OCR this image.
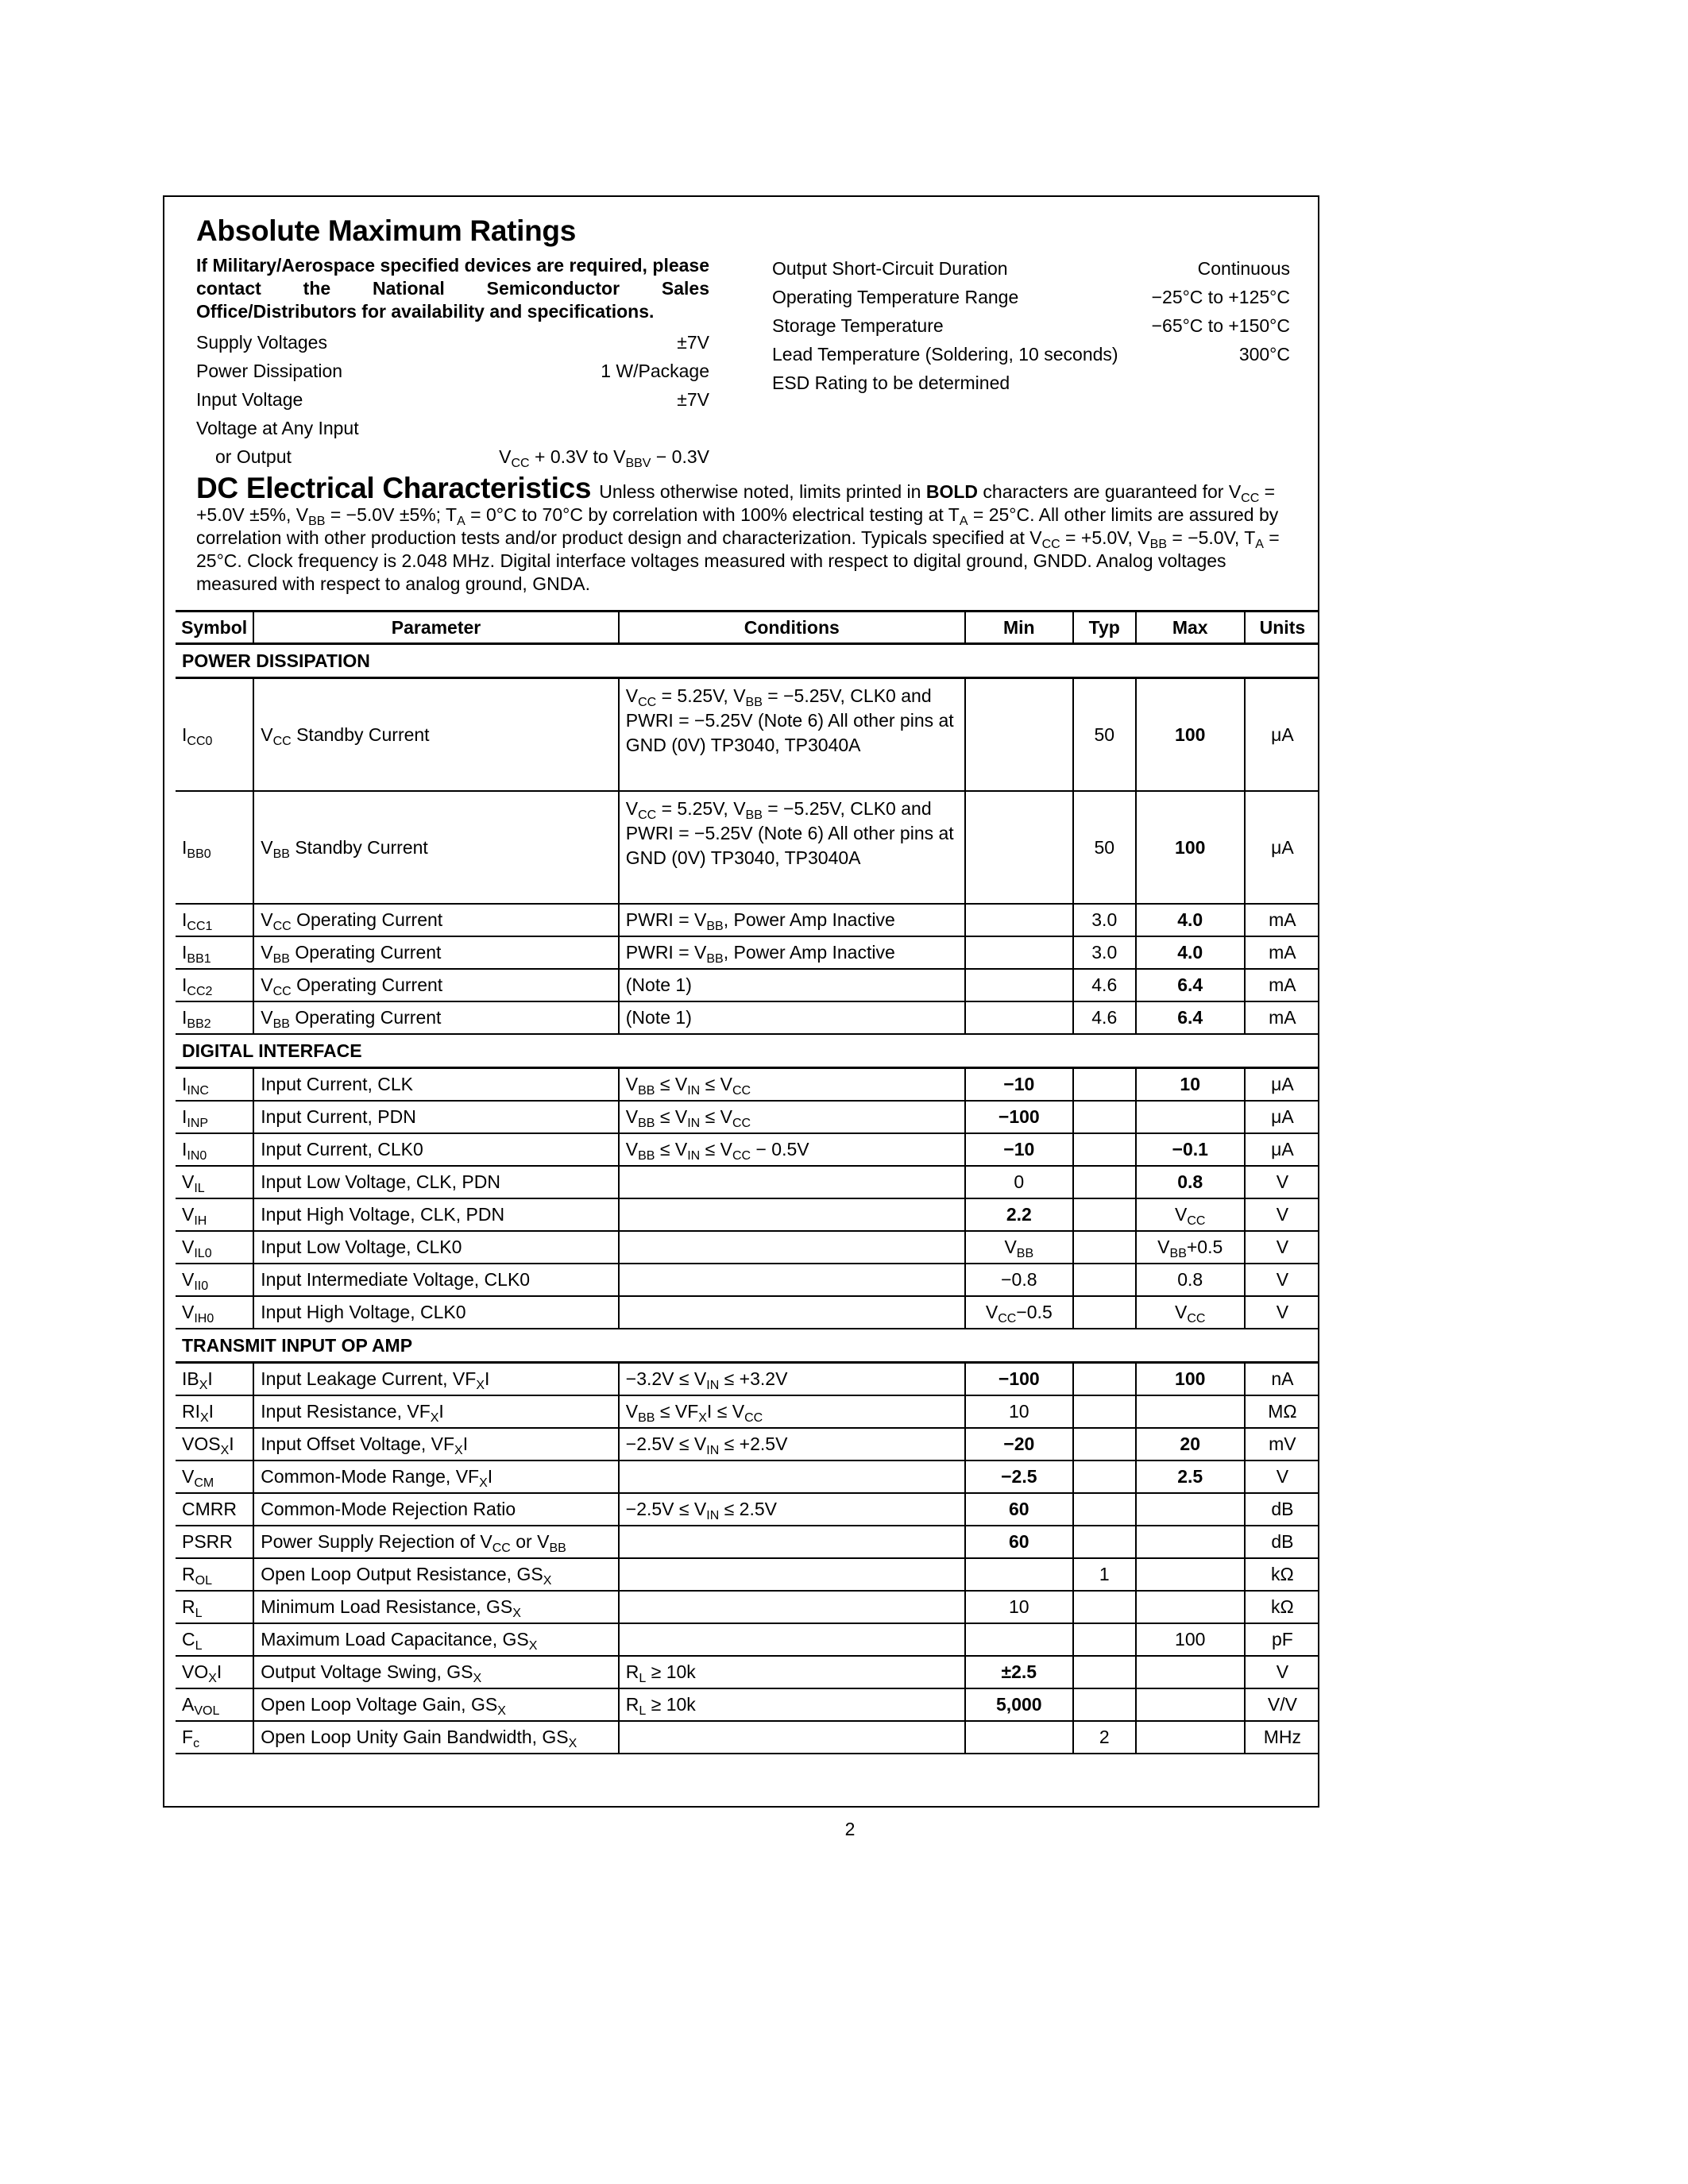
Absolute Maximum Ratings
If Military/Aerospace specified devices are required, please contact the National Semiconductor Sales Office/Distributors for availability and specifications.
Supply Voltages	±7V
Power Dissipation	1 W/Package
Input Voltage	±7V
Voltage at Any Input
or Output	$V_{CC} + 0.3V$ to $V_{BBV} - 0.3V$
Output Short-Circuit Duration	Continuous
Operating Temperature Range	−25°C to +125°C
Storage Temperature	−65°C to +150°C
Lead Temperature (Soldering, 10 seconds)	300°C
ESD Rating to be determined
DC Electrical Characteristics Unless otherwise noted, limits printed in BOLD characters are guaranteed for $V_{CC} = +5.0V \pm 5\%$, $V_{BB} = -5.0V \pm 5\%$; $T_A = 0^\circ C$ to 70°C by correlation with 100% electrical testing at $T_A = 25^\circ C$. All other limits are assured by correlation with other production tests and/or product design and characterization. Typicals specified at $V_{CC} = +5.0V$, $V_{BB} = -5.0V$, $T_A = 25^\circ C$. Clock frequency is 2.048 MHz. Digital interface voltages measured with respect to digital ground, GNDD. Analog voltages measured with respect to analog ground, GNDA.
Symbol	Parameter	Conditions	Min	Typ	Max	Units
POWER DISSIPATION						
$I_{CC0}$	$V_{CC}$ Standby Current	$V_{CC} = 5.25V$, $V_{BB} = -5.25V$, CLK0 and PWRI = −5.25V (Note 6) All other pins at GND (0V) TP3040, TP3040A		50	100	μA
$I_{BB0}$	$V_{BB}$ Standby Current	$V_{CC} = 5.25V$, $V_{BB} = -5.25V$, CLK0 and PWRI = −5.25V (Note 6) All other pins at GND (0V) TP3040, TP3040A		50	100	μA
$I_{CC1}$	$V_{CC}$ Operating Current	PWRI = $V_{BB}$, Power Amp Inactive		3.0	4.0	mA
$I_{BB1}$	$V_{BB}$ Operating Current	PWRI = $V_{BB}$, Power Amp Inactive		3.0	4.0	mA
$I_{CC2}$	$V_{CC}$ Operating Current	(Note 1)		4.6	6.4	mA
$I_{BB2}$	$V_{BB}$ Operating Current	(Note 1)		4.6	6.4	mA
DIGITAL INTERFACE						
$I_{INC}$	Input Current, CLK	$V_{BB} \le V_{IN} \le V_{CC}$	−10		10	μA
$I_{INP}$	Input Current, PDN	$V_{BB} \le V_{IN} \le V_{CC}$	−100			μA
$I_{IN0}$	Input Current, CLK0	$V_{BB} \le V_{IN} \le V_{CC} - 0.5V$	−10		−0.1	μA
$V_{IL}$	Input Low Voltage, CLK, PDN		0		0.8	V
$V_{IH}$	Input High Voltage, CLK, PDN		2.2		$V_{CC}$	V
$V_{IL0}$	Input Low Voltage, CLK0		$V_{BB}$		$V_{BB}+0.5$	V
$V_{II0}$	Input Intermediate Voltage, CLK0		−0.8		0.8	V
$V_{IH0}$	Input High Voltage, CLK0		$V_{CC}-0.5$		$V_{CC}$	V
TRANSMIT INPUT OP AMP						
$IB_XI$	Input Leakage Current, $VF_XI$	$-3.2V \le V_{IN} \le +3.2V$	−100		100	nA
$RI_XI$	Input Resistance, $VF_XI$	$V_{BB} \le VF_XI \le V_{CC}$	10			MΩ
$VOS_XI$	Input Offset Voltage, $VF_XI$	$-2.5V \le V_{IN} \le +2.5V$	−20		20	mV
$V_{CM}$	Common-Mode Range, $VF_XI$		−2.5		2.5	V
CMRR	Common-Mode Rejection Ratio	$-2.5V \le V_{IN} \le 2.5V$	60			dB
PSRR	Power Supply Rejection of $V_{CC}$ or $V_{BB}$		60			dB
$R_{OL}$	Open Loop Output Resistance, $GS_X$			1		kΩ
$R_L$	Minimum Load Resistance, $GS_X$		10			kΩ
$C_L$	Maximum Load Capacitance, $GS_X$				100	pF
$VO_XI$	Output Voltage Swing, $GS_X$	$R_L \ge 10k$	±2.5			V
$A_{VOL}$	Open Loop Voltage Gain, $GS_X$	$R_L \ge 10k$	5,000			V/V
$F_c$	Open Loop Unity Gain Bandwidth, $GS_X$			2		MHz
2
